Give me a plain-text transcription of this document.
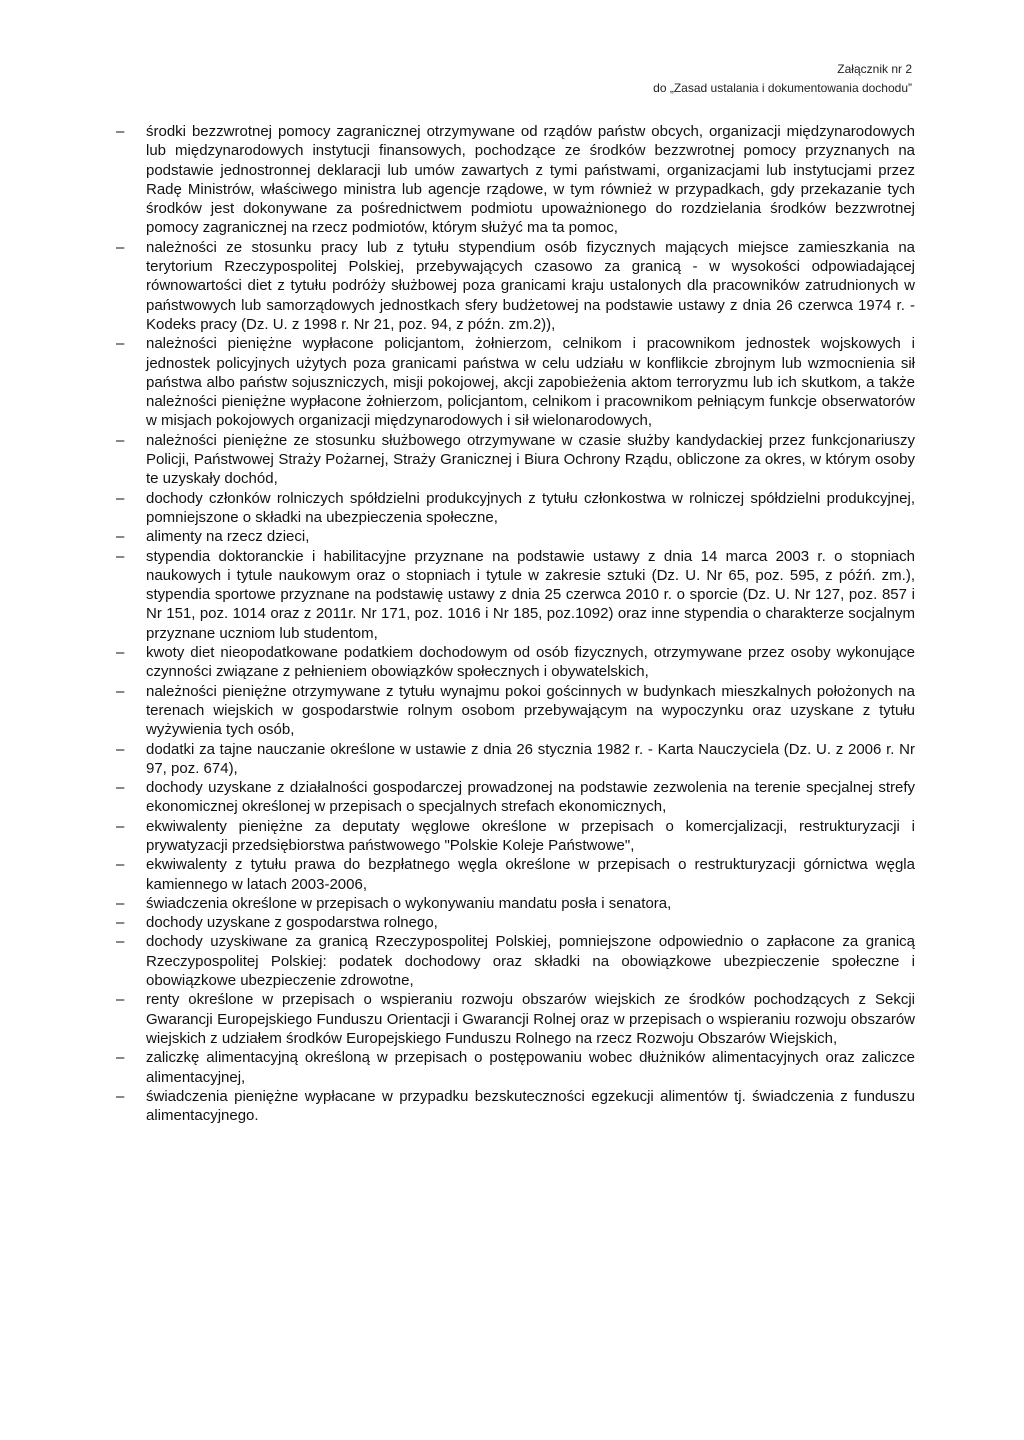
Załącznik nr 2
do „Zasad ustalania i dokumentowania dochodu”
– środki bezzwrotnej pomocy zagranicznej otrzymywane od rządów państw obcych, organizacji międzynarodowych lub międzynarodowych instytucji finansowych, pochodzące ze środków bezzwrotnej pomocy przyznanych na podstawie jednostronnej deklaracji lub umów zawartych z tymi państwami, organizacjami lub instytucjami przez Radę Ministrów, właściwego ministra lub agencje rządowe, w tym również w przypadkach, gdy przekazanie tych środków jest dokonywane za pośrednictwem podmiotu upoważnionego do rozdzielania środków bezzwrotnej pomocy zagranicznej na rzecz podmiotów, którym służyć ma ta pomoc,
– należności ze stosunku pracy lub z tytułu stypendium osób fizycznych mających miejsce zamieszkania na terytorium Rzeczypospolitej Polskiej, przebywających czasowo za granicą - w wysokości odpowiadającej równowartości diet z tytułu podróży służbowej poza granicami kraju ustalonych dla pracowników zatrudnionych w państwowych lub samorządowych jednostkach sfery budżetowej na podstawie ustawy z dnia 26 czerwca 1974 r. - Kodeks pracy (Dz. U. z 1998 r. Nr 21, poz. 94, z późn. zm.2)),
– należności pieniężne wypłacone policjantom, żołnierzom, celnikom i pracownikom jednostek wojskowych i jednostek policyjnych użytych poza granicami państwa w celu udziału w konflikcie zbrojnym lub wzmocnienia sił państwa albo państw sojuszniczych, misji pokojowej, akcji zapobieżenia aktom terroryzmu lub ich skutkom, a także należności pieniężne wypłacone żołnierzom, policjantom, celnikom i pracownikom pełniącym funkcje obserwatorów w misjach pokojowych organizacji międzynarodowych i sił wielonarodowych,
– należności pieniężne ze stosunku służbowego otrzymywane w czasie służby kandydackiej przez funkcjonariuszy Policji, Państwowej Straży Pożarnej, Straży Granicznej i Biura Ochrony Rządu, obliczone za okres, w którym osoby te uzyskały dochód,
– dochody członków rolniczych spółdzielni produkcyjnych z tytułu członkostwa w rolniczej spółdzielni produkcyjnej, pomniejszone o składki na ubezpieczenia społeczne,
– alimenty na rzecz dzieci,
– stypendia doktoranckie i habilitacyjne przyznane na podstawie ustawy z dnia 14 marca 2003 r. o stopniach naukowych i tytule naukowym oraz o stopniach i tytule w zakresie sztuki (Dz. U. Nr 65, poz. 595, z późń. zm.), stypendia sportowe przyznane na podstawię ustawy z dnia 25 czerwca 2010 r. o sporcie (Dz. U. Nr 127, poz. 857 i Nr 151, poz. 1014 oraz z 2011r. Nr 171, poz. 1016 i Nr 185, poz.1092) oraz inne stypendia o charakterze socjalnym przyznane uczniom lub studentom,
– kwoty diet nieopodatkowane podatkiem dochodowym od osób fizycznych, otrzymywane przez osoby wykonujące czynności związane z pełnieniem obowiązków społecznych i obywatelskich,
– należności pieniężne otrzymywane z tytułu wynajmu pokoi gościnnych w budynkach mieszkalnych położonych na terenach wiejskich w gospodarstwie rolnym osobom przebywającym na wypoczynku oraz uzyskane z tytułu wyżywienia tych osób,
– dodatki za tajne nauczanie określone w ustawie z dnia 26 stycznia 1982 r. - Karta Nauczyciela (Dz. U. z 2006 r. Nr 97, poz. 674),
– dochody uzyskane z działalności gospodarczej prowadzonej na podstawie zezwolenia na terenie specjalnej strefy ekonomicznej określonej w przepisach o specjalnych strefach ekonomicznych,
– ekwiwalenty pieniężne za deputaty węglowe określone w przepisach o komercjalizacji, restrukturyzacji i prywatyzacji przedsiębiorstwa państwowego "Polskie Koleje Państwowe",
– ekwiwalenty z tytułu prawa do bezpłatnego węgla określone w przepisach o restrukturyzacji górnictwa węgla kamiennego w latach 2003-2006,
– świadczenia określone w przepisach o wykonywaniu mandatu posła i senatora,
– dochody uzyskane z gospodarstwa rolnego,
– dochody uzyskiwane za granicą Rzeczypospolitej Polskiej, pomniejszone odpowiednio o zapłacone za granicą Rzeczypospolitej Polskiej: podatek dochodowy oraz składki na obowiązkowe ubezpieczenie społeczne i obowiązkowe ubezpieczenie zdrowotne,
– renty określone w przepisach o wspieraniu rozwoju obszarów wiejskich ze środków pochodzących z Sekcji Gwarancji Europejskiego Funduszu Orientacji i Gwarancji Rolnej oraz w przepisach o wspieraniu rozwoju obszarów wiejskich z udziałem środków Europejskiego Funduszu Rolnego na rzecz Rozwoju Obszarów Wiejskich,
– zaliczkę alimentacyjną określoną w przepisach o postępowaniu wobec dłużników alimentacyjnych oraz zaliczce alimentacyjnej,
– świadczenia pieniężne wypłacane w przypadku bezskuteczności egzekucji alimentów tj. świadczenia z funduszu alimentacyjnego.
